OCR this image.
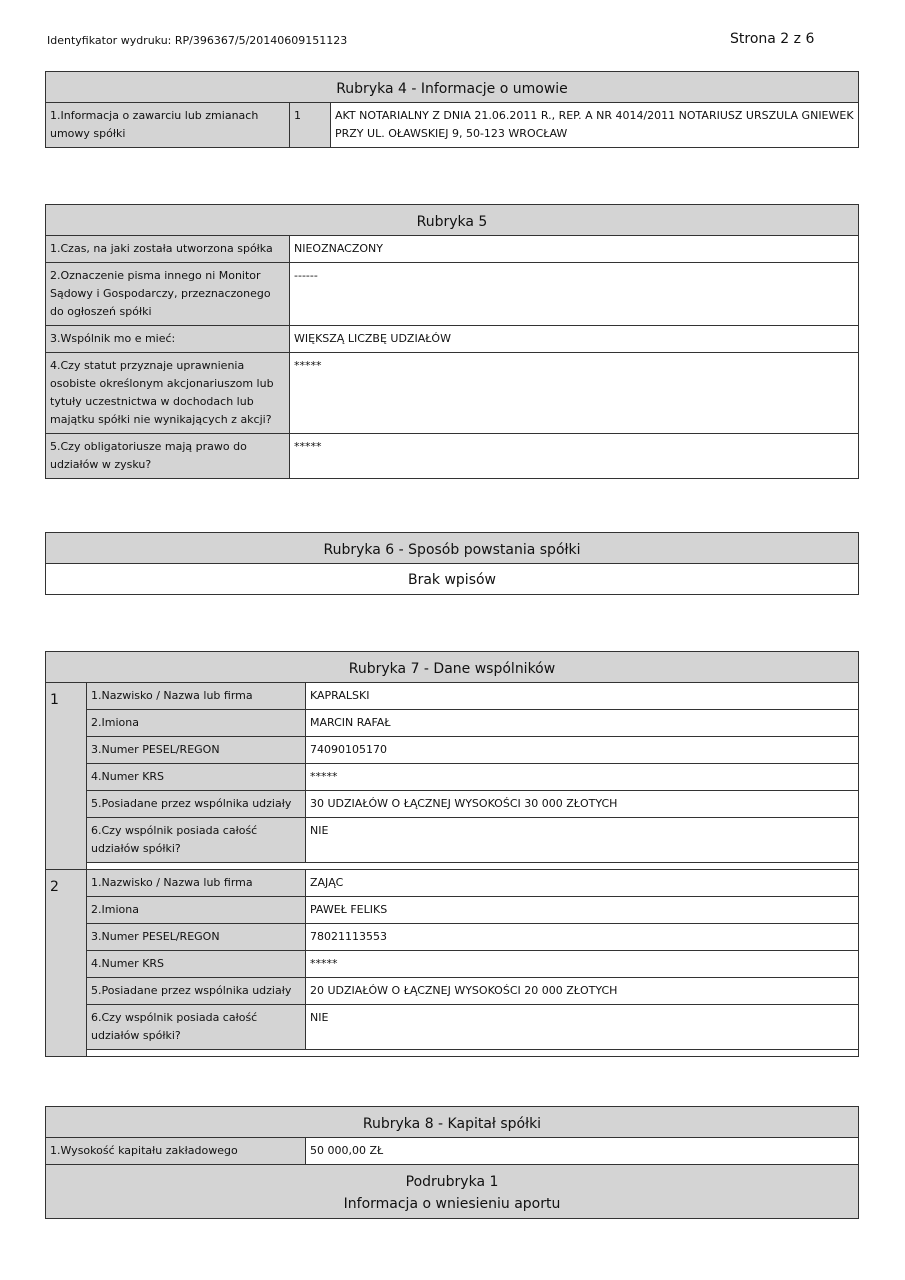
Identyfikator wydruku: RP/396367/5/20140609151123	Strona 2 z 6
Rubryka 4 - Informacje o umowie
1.Informacja o zawarciu lub zmianach umowy spółki	1	AKT NOTARIALNY Z DNIA 21.06.2011 R., REP. A NR 4014/2011 NOTARIUSZ URSZULA GNIEWEK PRZY UL. OŁAWSKIEJ 9, 50-123 WROCŁAW
Rubryka 5	
1.Czas, na jaki została utworzona spółka	NIEOZNACZONY
2.Oznaczenie pisma innego ni Monitor Sądowy i Gospodarczy, przeznaczonego do ogłoszeń spółki	------
3.Wspólnik mo e mieć:	WIĘKSZĄ LICZBĘ UDZIAŁÓW
4.Czy statut przyznaje uprawnienia osobiste określonym akcjonariuszom lub tytuły uczestnictwa w dochodach lub majątku spółki nie wynikających z akcji?	*****
5.Czy obligatoriusze mają prawo do udziałów w zysku?	*****
Rubryka 6 - Sposób powstania spółki
Brak wpisów
Rubryka 7 - Dane wspólników		
1	1.Nazwisko / Nazwa lub firma	KAPRALSKI
	2.Imiona	MARCIN RAFAŁ
	3.Numer PESEL/REGON	74090105170
	4.Numer KRS	*****
	5.Posiadane przez wspólnika udziały	30 UDZIAŁÓW O ŁĄCZNEJ WYSOKOŚCI 30 000 ZŁOTYCH
	6.Czy wspólnik posiada całość udziałów spółki?	NIE

2	1.Nazwisko / Nazwa lub firma	ZAJĄC
	2.Imiona	PAWEŁ FELIKS
	3.Numer PESEL/REGON	78021113553
	4.Numer KRS	*****
	5.Posiadane przez wspólnika udziały	20 UDZIAŁÓW O ŁĄCZNEJ WYSOKOŚCI 20 000 ZŁOTYCH
	6.Czy wspólnik posiada całość udziałów spółki?	NIE

Rubryka 8 - Kapitał spółki
1.Wysokość kapitału zakładowego	50 000,00 ZŁ

Podrubryka 1
Informacja o wniesieniu aportu
